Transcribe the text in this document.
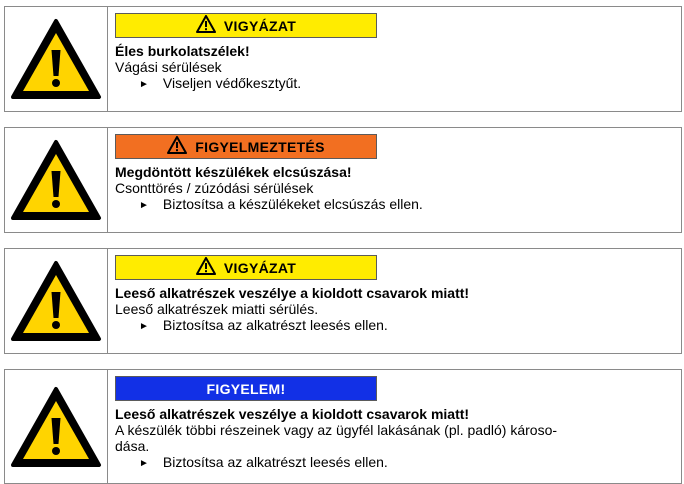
VIGYÁZAT
Éles burkolatszélek!
Vágási sérülések
► Viseljen védőkesztyűt.
FIGYELMEZTETÉS
Megdöntött készülékek elcsúszása!
Csonttörés / zúzódási sérülések
► Biztosítsa a készülékeket elcsúszás ellen.
VIGYÁZAT
Leeső alkatrészek veszélye a kioldott csavarok miatt!
Leeső alkatrészek miatti sérülés.
► Biztosítsa az alkatrészt leesés ellen.
FIGYELEM!
Leeső alkatrészek veszélye a kioldott csavarok miatt!
A készülék többi részeinek vagy az ügyfél lakásának (pl. padló) károso-
dása.
► Biztosítsa az alkatrészt leesés ellen.
